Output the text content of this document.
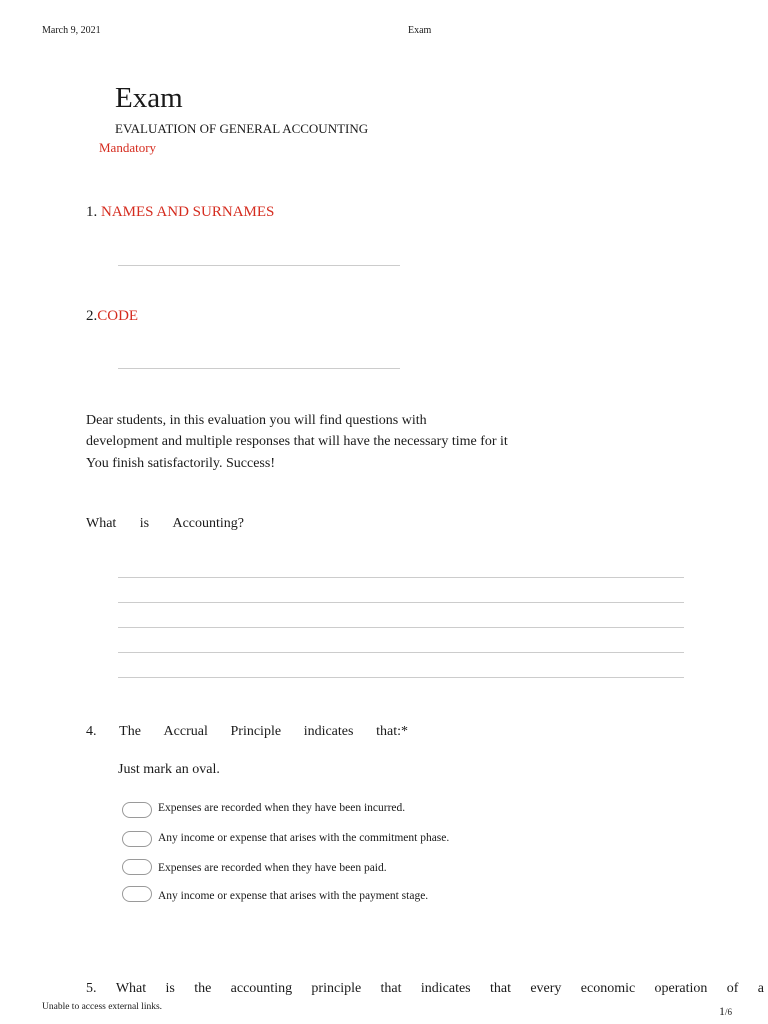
March 9, 2021	Exam
Exam
EVALUATION OF GENERAL ACCOUNTING
Mandatory
1. NAMES AND SURNAMES
2.CODE
Dear students, in this evaluation you will find questions with
development and multiple responses that will have the necessary time for it
You finish satisfactorily. Success!
What is Accounting?
4. The Accrual Principle indicates that:*
Just mark an oval.
Expenses are recorded when they have been incurred.
Any income or expense that arises with the commitment phase.
Expenses are recorded when they have been paid.
Any income or expense that arises with the payment stage.
5. What is the accounting principle that indicates that every economic operation of a
Unable to access external links.	1/6
